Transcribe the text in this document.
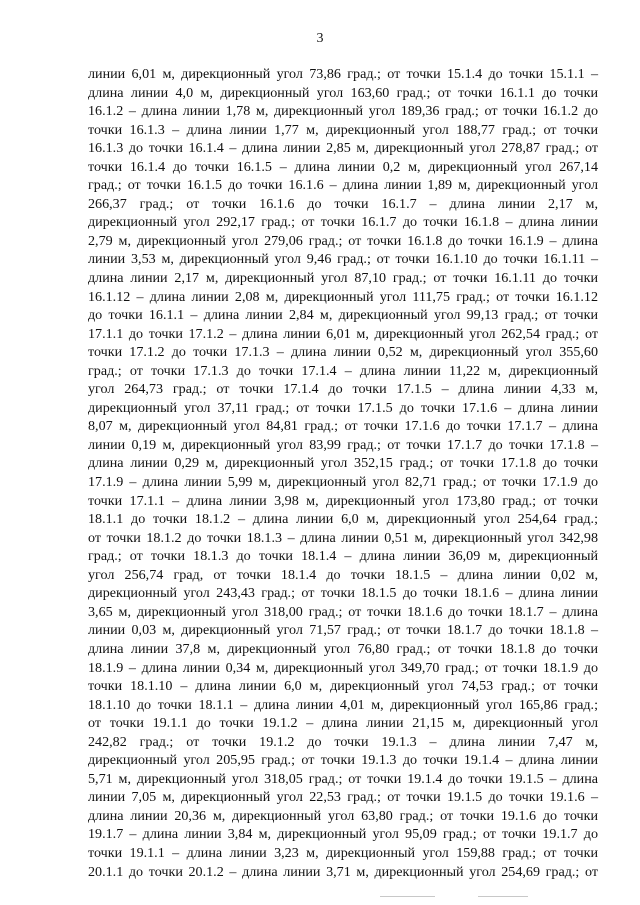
3
линии 6,01 м, дирекционный угол 73,86 град.; от точки 15.1.4 до точки 15.1.1 –
длина линии 4,0 м, дирекционный угол 163,60 град.; от точки 16.1.1 до точки
16.1.2 – длина линии 1,78 м, дирекционный угол 189,36 град.; от точки 16.1.2 до
точки 16.1.3 – длина линии 1,77 м, дирекционный угол 188,77 град.; от точки
16.1.3 до точки 16.1.4 – длина линии 2,85 м, дирекционный угол 278,87 град.; от
точки 16.1.4 до точки 16.1.5 – длина линии 0,2 м, дирекционный угол 267,14
град.; от точки 16.1.5 до точки 16.1.6 – длина линии 1,89 м, дирекционный угол
266,37 град.; от точки 16.1.6 до точки 16.1.7 – длина линии 2,17 м,
дирекционный угол 292,17 град.; от точки 16.1.7 до точки 16.1.8 – длина линии
2,79 м, дирекционный угол 279,06 град.; от точки 16.1.8 до точки 16.1.9 – длина
линии 3,53 м, дирекционный угол 9,46 град.; от точки 16.1.10 до точки 16.1.11 –
длина линии 2,17 м, дирекционный угол 87,10 град.; от точки 16.1.11 до точки
16.1.12 – длина линии 2,08 м, дирекционный угол 111,75 град.; от точки 16.1.12
до точки 16.1.1 – длина линии 2,84 м, дирекционный угол 99,13 град.; от точки
17.1.1 до точки 17.1.2 – длина линии 6,01 м, дирекционный угол 262,54 град.; от
точки 17.1.2 до точки 17.1.3 – длина линии 0,52 м, дирекционный угол 355,60
град.; от точки 17.1.3 до точки 17.1.4 – длина линии 11,22 м, дирекционный
угол 264,73 град.; от точки 17.1.4 до точки 17.1.5 – длина линии 4,33 м,
дирекционный угол 37,11 град.; от точки 17.1.5 до точки 17.1.6 – длина линии
8,07 м, дирекционный угол 84,81 град.; от точки 17.1.6 до точки 17.1.7 – длина
линии 0,19 м, дирекционный угол 83,99 град.; от точки 17.1.7 до точки 17.1.8 –
длина линии 0,29 м, дирекционный угол 352,15 град.; от точки 17.1.8 до точки
17.1.9 – длина линии 5,99 м, дирекционный угол 82,71 град.; от точки 17.1.9 до
точки 17.1.1 – длина линии 3,98 м, дирекционный угол 173,80 град.; от точки
18.1.1 до точки 18.1.2 – длина линии 6,0 м, дирекционный угол 254,64 град.;
от точки 18.1.2 до точки 18.1.3 – длина линии 0,51 м, дирекционный угол 342,98
град.; от точки 18.1.3 до точки 18.1.4 – длина линии 36,09 м, дирекционный
угол 256,74 град, от точки 18.1.4 до точки 18.1.5 – длина линии 0,02 м,
дирекционный угол 243,43 град.; от точки 18.1.5 до точки 18.1.6 – длина линии
3,65 м, дирекционный угол 318,00 град.; от точки 18.1.6 до точки 18.1.7 – длина
линии 0,03 м, дирекционный угол 71,57 град.; от точки 18.1.7 до точки 18.1.8 –
длина линии 37,8 м, дирекционный угол 76,80 град.; от точки 18.1.8 до точки
18.1.9 – длина линии 0,34 м, дирекционный угол 349,70 град.; от точки 18.1.9 до
точки 18.1.10 – длина линии 6,0 м, дирекционный угол 74,53 град.; от точки
18.1.10 до точки 18.1.1 – длина линии 4,01 м, дирекционный угол 165,86 град.;
от точки 19.1.1 до точки 19.1.2 – длина линии 21,15 м, дирекционный угол
242,82 град.; от точки 19.1.2 до точки 19.1.3 – длина линии 7,47 м,
дирекционный угол 205,95 град.; от точки 19.1.3 до точки 19.1.4 – длина линии
5,71 м, дирекционный угол 318,05 град.; от точки 19.1.4 до точки 19.1.5 – длина
линии 7,05 м, дирекционный угол 22,53 град.; от точки 19.1.5 до точки 19.1.6 –
длина линии 20,36 м, дирекционный угол 63,80 град.; от точки 19.1.6 до точки
19.1.7 – длина линии 3,84 м, дирекционный угол 95,09 град.; от точки 19.1.7 до
точки 19.1.1 – длина линии 3,23 м, дирекционный угол 159,88 град.; от точки
20.1.1 до точки 20.1.2 – длина линии 3,71 м, дирекционный угол 254,69 град.; от
